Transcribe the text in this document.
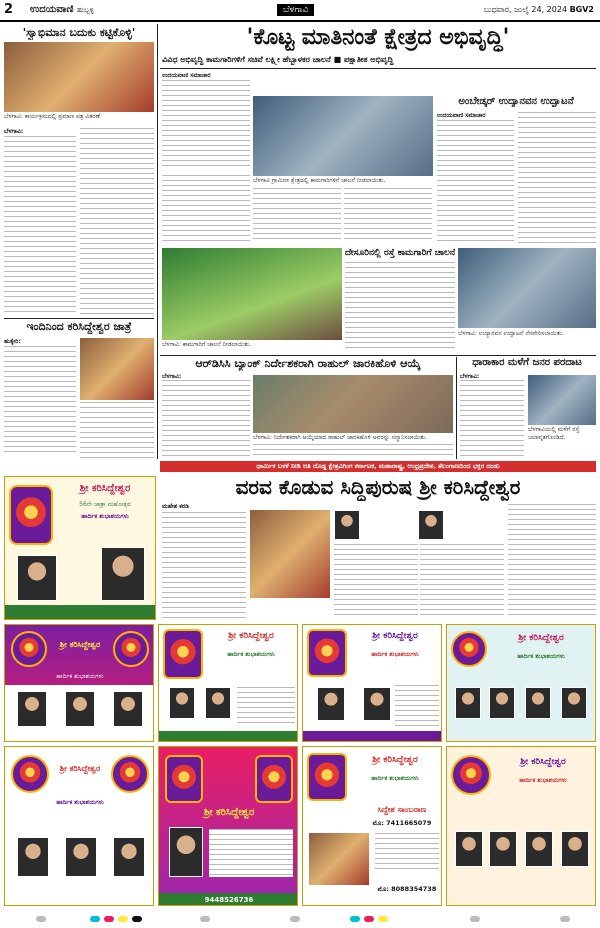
2 ಉದಯವಾಣಿ ಹುಬ್ಬಳ್ಳಿ	ಬೆಳಗಾವಿ	ಬುಧವಾರ, ಜುಲೈ 24, 2024 BGV2
'ಸ್ವಾಭಿಮಾನ ಬದುಕು ಕಟ್ಟಿಕೊಳ್ಳಿ'
ಬೆಳಗಾವಿ: ಕಾರ್ಯಕ್ರಮದಲ್ಲಿ ಪ್ರಮಾಣ ಪತ್ರ ವಿತರಣೆ
ಬೆಳಗಾವಿ:
ಇಂದಿನಿಂದ ಕರಿಸಿದ್ದೇಶ್ವರ ಜಾತ್ರೆ
ಹುಕ್ಕೇರಿ:
'ಕೊಟ್ಟ ಮಾತಿನಂತೆ ಕ್ಷೇತ್ರದ ಅಭಿವೃದ್ಧಿ'
ವಿವಿಧ ಅಭಿವೃದ್ಧಿ ಕಾಮಗಾರಿಗಳಿಗೆ ಸಚಿವೆ ಲಕ್ಷ್ಮೀ ಹೆಬ್ಬಾಳಕರ ಚಾಲನೆ ■ ಪಕ್ಷಾತೀತ ಅಭಿವೃದ್ಧಿ
ಉದಯವಾಣಿ ಸಮಾಚಾರ
ಬೆಳಗಾವಿ ಗ್ರಾಮೀಣ ಕ್ಷೇತ್ರದಲ್ಲಿ ಕಾಮಗಾರಿಗಳಿಗೆ ಚಾಲನೆ ನೀಡಲಾಯಿತು.
ಅಂಬೇಡ್ಕರ್ ಉದ್ಯಾನವನ ಉದ್ಘಾಟನೆ
ಉದಯವಾಣಿ ಸಮಾಚಾರ
ಬೆಳಗಾವಿ: ಕಾಮಗಾರಿಗೆ ಚಾಲನೆ ನೀಡಲಾಯಿತು.
ದೇಸೂರಿನಲ್ಲಿ ರಸ್ತೆ ಕಾಮಗಾರಿಗೆ ಚಾಲನೆ
ಬೆಳಗಾವಿ: ಉದ್ಯಾನವನ ಉದ್ಘಾಟನೆ ನೆರವೇರಿಸಲಾಯಿತು.
ಆರ್‌ಡಿಸಿಸಿ ಬ್ಯಾಂಕ್ ನಿರ್ದೇಶಕರಾಗಿ ರಾಹುಲ್ ಜಾರಕಿಹೊಳಿ ಆಯ್ಕೆ
ಬೆಳಗಾವಿ:
ಬೆಳಗಾವಿ: ನಿರ್ದೇಶಕರಾಗಿ ಆಯ್ಕೆಯಾದ ರಾಹುಲ್ ಜಾರಕಿಹೊಳಿ ಅವರನ್ನು ಸನ್ಮಾನಿಸಲಾಯಿತು.
ಧಾರಾಕಾರ ಮಳೆಗೆ ಜನರ ಪರದಾಟ
ಬೆಳಗಾವಿ:
ಬೆಳಗಾವಿಯಲ್ಲಿ ಮಳೆಗೆ ರಸ್ತೆ ಜಲಾವೃತಗೊಂಡಿದೆ.
ಧಾರ್ಮಿಕ ಬಳಕೆ ನೀಡಿ ಆತಿ ದೊಡ್ಡ ಕ್ಷೇತ್ರವಿಗಿಂಗ ಕರ್ನಾಟಕ, ಮಹಾರಾಷ್ಟ್ರ, ಆಂಧ್ರಪ್ರದೇಶ, ತೆಲಂಗಾಣದಿಂದ ಭಕ್ತರ ದಂಡು
ವರವ ಕೊಡುವ ಸಿದ್ಧಿಪುರುಷ ಶ್ರೀ ಕರಿಸಿದ್ದೇಶ್ವರ
ಮಹೇಶ ಕರಡಿ
ಶ್ರೀ ಕರಿಸಿದ್ದೇಶ್ವರ
56ನೇ ಜಾತ್ರಾ ಮಹೋತ್ಸವ
ಹಾರ್ದಿಕ ಶುಭಾಶಯಗಳು
ಶ್ರೀ ಕರಿಸಿದ್ದೇಶ್ವರ
ಹಾರ್ದಿಕ ಶುಭಾಶಯಗಳು
ಶ್ರೀ ಕರಿಸಿದ್ದೇಶ್ವರ
ಹಾರ್ದಿಕ ಶುಭಾಶಯಗಳು
ಶ್ರೀ ಕರಿಸಿದ್ದೇಶ್ವರ
ಹಾರ್ದಿಕ ಶುಭಾಶಯಗಳು
ಶ್ರೀ ಕರಿಸಿದ್ದೇಶ್ವರ
ಹಾರ್ದಿಕ ಶುಭಾಶಯಗಳು
ಶ್ರೀ ಕರಿಸಿದ್ದೇಶ್ವರ
ಹಾರ್ದಿಕ ಶುಭಾಶಯಗಳು
ಶ್ರೀ ಕರಿಸಿದ್ದೇಶ್ವರ
9448526736
ಶ್ರೀ ಕರಿಸಿದ್ದೇಶ್ವರ
ಹಾರ್ದಿಕ ಶುಭಾಶಯಗಳು
ಸಿದ್ದೇಶ ಸಾಂಬರಾಣ
ಮೊ: 7411665079
ಮೊ: 8088354738
ಶ್ರೀ ಕರಿಸಿದ್ದೇಶ್ವರ
ಹಾರ್ದಿಕ ಶುಭಾಶಯಗಳು
